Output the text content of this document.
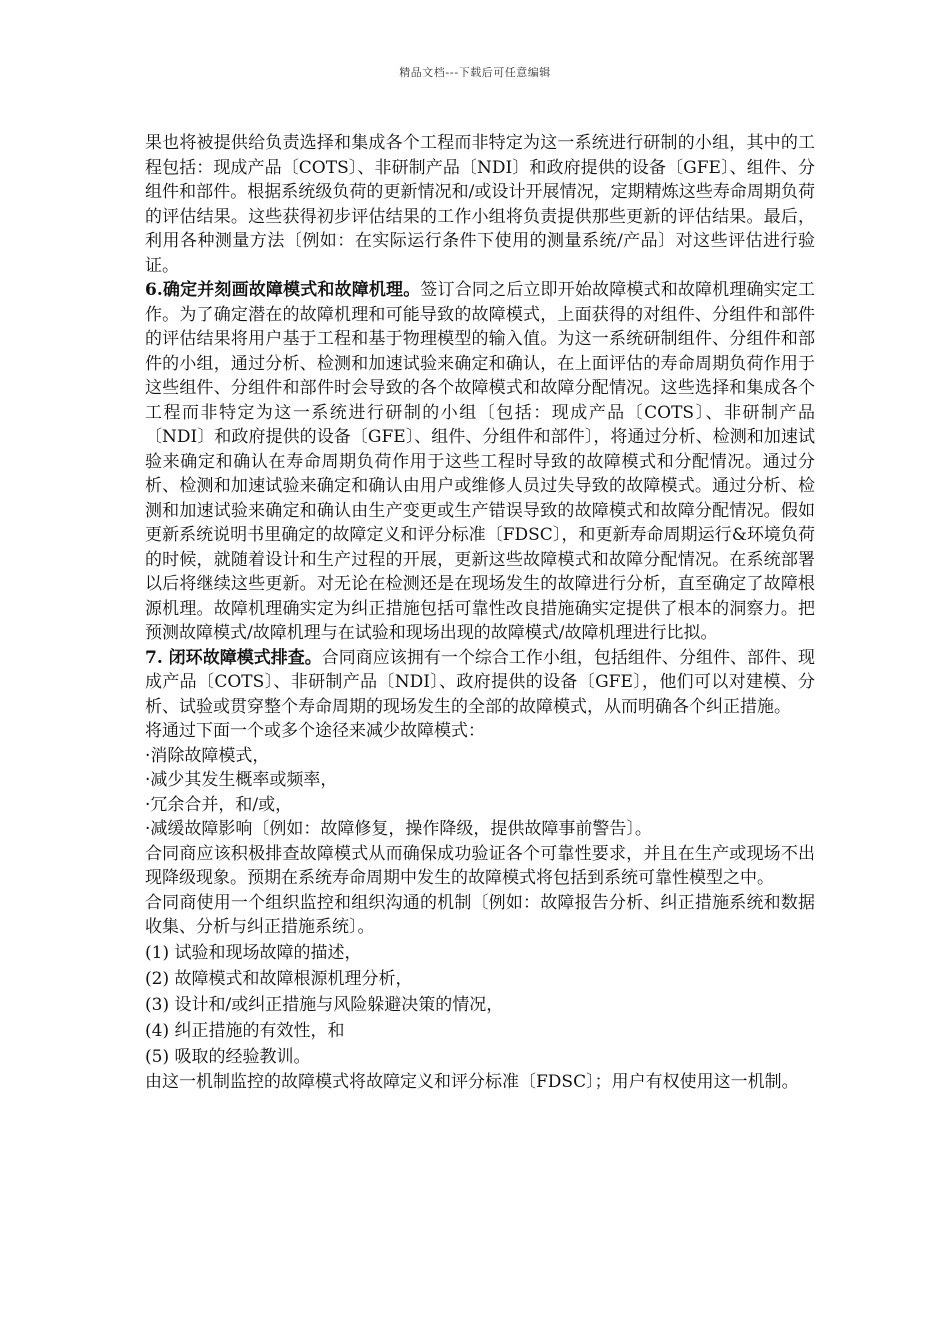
精品文档---下载后可任意编辑

果也将被提供给负责选择和集成各个工程而非特定为这一系统进行研制的小组，其中的工程包括：现成产品〔COTS〕、非研制产品〔NDI〕和政府提供的设备〔GFE〕、组件、分组件和部件。根据系统级负荷的更新情况和/或设计开展情况，定期精炼这些寿命周期负荷的评估结果。这些获得初步评估结果的工作小组将负责提供那些更新的评估结果。最后，利用各种测量方法〔例如：在实际运行条件下使用的测量系统/产品〕对这些评估进行验证。

6.确定并刻画故障模式和故障机理。签订合同之后立即开始故障模式和故障机理确实定工作。为了确定潜在的故障机理和可能导致的故障模式，上面获得的对组件、分组件和部件的评估结果将用户基于工程和基于物理模型的输入值。为这一系统研制组件、分组件和部件的小组，通过分析、检测和加速试验来确定和确认，在上面评估的寿命周期负荷作用于这些组件、分组件和部件时会导致的各个故障模式和故障分配情况。这些选择和集成各个工程而非特定为这一系统进行研制的小组〔包括：现成产品〔COTS〕、非研制产品〔NDI〕和政府提供的设备〔GFE〕、组件、分组件和部件〕，将通过分析、检测和加速试验来确定和确认在寿命周期负荷作用于这些工程时导致的故障模式和分配情况。通过分析、检测和加速试验来确定和确认由用户或维修人员过失导致的故障模式。通过分析、检测和加速试验来确定和确认由生产变更或生产错误导致的故障模式和故障分配情况。假如更新系统说明书里确定的故障定义和评分标准〔FDSC〕，和更新寿命周期运行&环境负荷的时候，就随着设计和生产过程的开展，更新这些故障模式和故障分配情况。在系统部署以后将继续这些更新。对无论在检测还是在现场发生的故障进行分析，直至确定了故障根源机理。故障机理确实定为纠正措施包括可靠性改良措施确实定提供了根本的洞察力。把预测故障模式/故障机理与在试验和现场出现的故障模式/故障机理进行比拟。

7. 闭环故障模式排查。合同商应该拥有一个综合工作小组，包括组件、分组件、部件、现成产品〔COTS〕、非研制产品〔NDI〕、政府提供的设备〔GFE〕，他们可以对建模、分析、试验或贯穿整个寿命周期的现场发生的全部的故障模式，从而明确各个纠正措施。

将通过下面一个或多个途径来减少故障模式：

·消除故障模式，

·减少其发生概率或频率，

·冗余合并，和/或，

·减缓故障影响〔例如：故障修复，操作降级，提供故障事前警告〕。

合同商应该积极排查故障模式从而确保成功验证各个可靠性要求，并且在生产或现场不出现降级现象。预期在系统寿命周期中发生的故障模式将包括到系统可靠性模型之中。

合同商使用一个组织监控和组织沟通的机制〔例如：故障报告分析、纠正措施系统和数据收集、分析与纠正措施系统〕。

(1) 试验和现场故障的描述，

(2) 故障模式和故障根源机理分析，

(3) 设计和/或纠正措施与风险躲避决策的情况，

(4) 纠正措施的有效性，和

(5) 吸取的经验教训。

由这一机制监控的故障模式将故障定义和评分标准〔FDSC〕；用户有权使用这一机制。
